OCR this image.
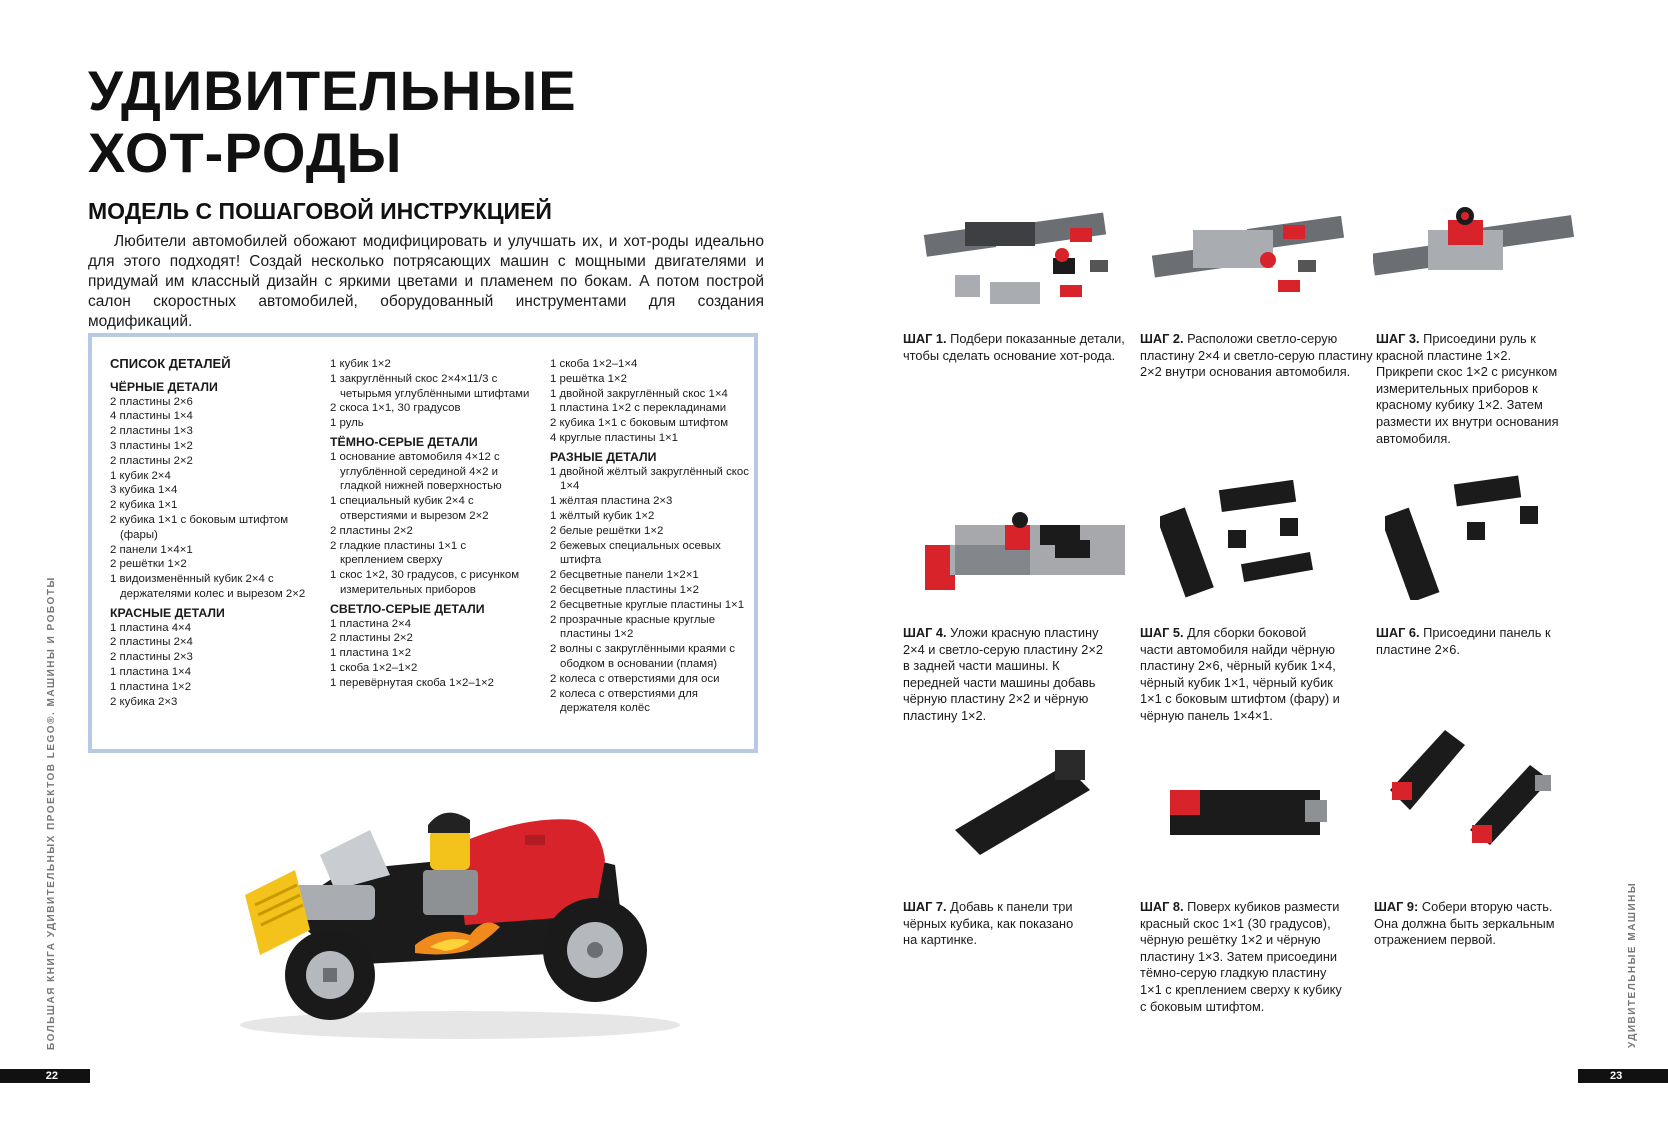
УДИВИТЕЛЬНЫЕ
ХОТ-РОДЫ
МОДЕЛЬ С ПОШАГОВОЙ ИНСТРУКЦИЕЙ
Любители автомобилей обожают модифицировать и улучшать их, и хот-роды идеально для этого подходят! Создай несколько потрясающих машин с мощными двигателями и придумай им классный дизайн с яркими цветами и пламенем по бокам. А потом построй салон скоростных автомобилей, оборудованный инструментами для создания модификаций.
СПИСОК ДЕТАЛЕЙ
ЧЁРНЫЕ ДЕТАЛИ
2 пластины 2×6
4 пластины 1×4
2 пластины 1×3
3 пластины 1×2
2 пластины 2×2
1 кубик 2×4
3 кубика 1×4
2 кубика 1×1
2 кубика 1×1 с боковым штифтом (фары)
2 панели 1×4×1
2 решётки 1×2
1 видоизменённый кубик 2×4 с держателями колес и вырезом 2×2
КРАСНЫЕ ДЕТАЛИ
1 пластина 4×4
2 пластины 2×4
2 пластины 2×3
1 пластина 1×4
1 пластина 1×2
2 кубика 2×3
1 кубик 1×2
1 закруглённый скос 2×4×11/3 с четырьмя углублёнными штифтами
2 скоса 1×1, 30 градусов
1 руль
ТЁМНО-СЕРЫЕ ДЕТАЛИ
1 основание автомобиля 4×12 с углублённой серединой 4×2 и гладкой нижней поверхностью
1 специальный кубик 2×4 с отверстиями и вырезом 2×2
2 пластины 2×2
2 гладкие пластины 1×1 с креплением сверху
1 скос 1×2, 30 градусов, с рисунком измерительных приборов
СВЕТЛО-СЕРЫЕ ДЕТАЛИ
1 пластина 2×4
2 пластины 2×2
1 пластина 1×2
1 скоба 1×2–1×2
1 перевёрнутая скоба 1×2–1×2
1 скоба 1×2–1×4
1 решётка 1×2
1 двойной закруглённый скос 1×4
1 пластина 1×2 с перекладинами
2 кубика 1×1 с боковым штифтом
4 круглые пластины 1×1
РАЗНЫЕ ДЕТАЛИ
1 двойной жёлтый закруглённый скос 1×4
1 жёлтая пластина 2×3
1 жёлтый кубик 1×2
2 белые решётки 1×2
2 бежевых специальных осевых штифта
2 бесцветные панели 1×2×1
2 бесцветные пластины 1×2
2 бесцветные круглые пластины 1×1
2 прозрачные красные круглые пластины 1×2
2 волны с закруглёнными краями с ободком в основании (пламя)
2 колеса с отверстиями для оси
2 колеса с отверстиями для держателя колёс
БОЛЬШАЯ КНИГА УДИВИТЕЛЬНЫХ ПРОЕКТОВ LEGO®. МАШИНЫ И РОБОТЫ
22
ШАГ 1. Подбери показанные детали, чтобы сделать основание хот-рода.
ШАГ 2. Расположи светло-серую пластину 2×4 и светло-серую пластину 2×2 внутри основания автомобиля.
ШАГ 3. Присоедини руль к красной пластине 1×2. Прикрепи скос 1×2 с рисунком измерительных приборов к красному кубику 1×2. Затем размести их внутри основания автомобиля.
ШАГ 4. Уложи красную пластину 2×4 и светло-серую пластину 2×2 в задней части машины. К передней части машины добавь чёрную пластину 2×2 и чёрную пластину 1×2.
ШАГ 5. Для сборки боковой части автомобиля найди чёрную пластину 2×6, чёрный кубик 1×4, чёрный кубик 1×1, чёрный кубик 1×1 с боковым штифтом (фару) и чёрную панель 1×4×1.
ШАГ 6. Присоедини панель к пластине 2×6.
ШАГ 7. Добавь к панели три чёрных кубика, как показано на картинке.
ШАГ 8. Поверх кубиков размести красный скос 1×1 (30 градусов), чёрную решётку 1×2 и чёрную пластину 1×3. Затем присоедини тёмно-серую гладкую пластину 1×1 с креплением сверху к кубику с боковым штифтом.
ШАГ 9: Собери вторую часть. Она должна быть зеркальным отражением первой.	УДИВИТЕЛЬНЫЕ МАШИНЫ
23
